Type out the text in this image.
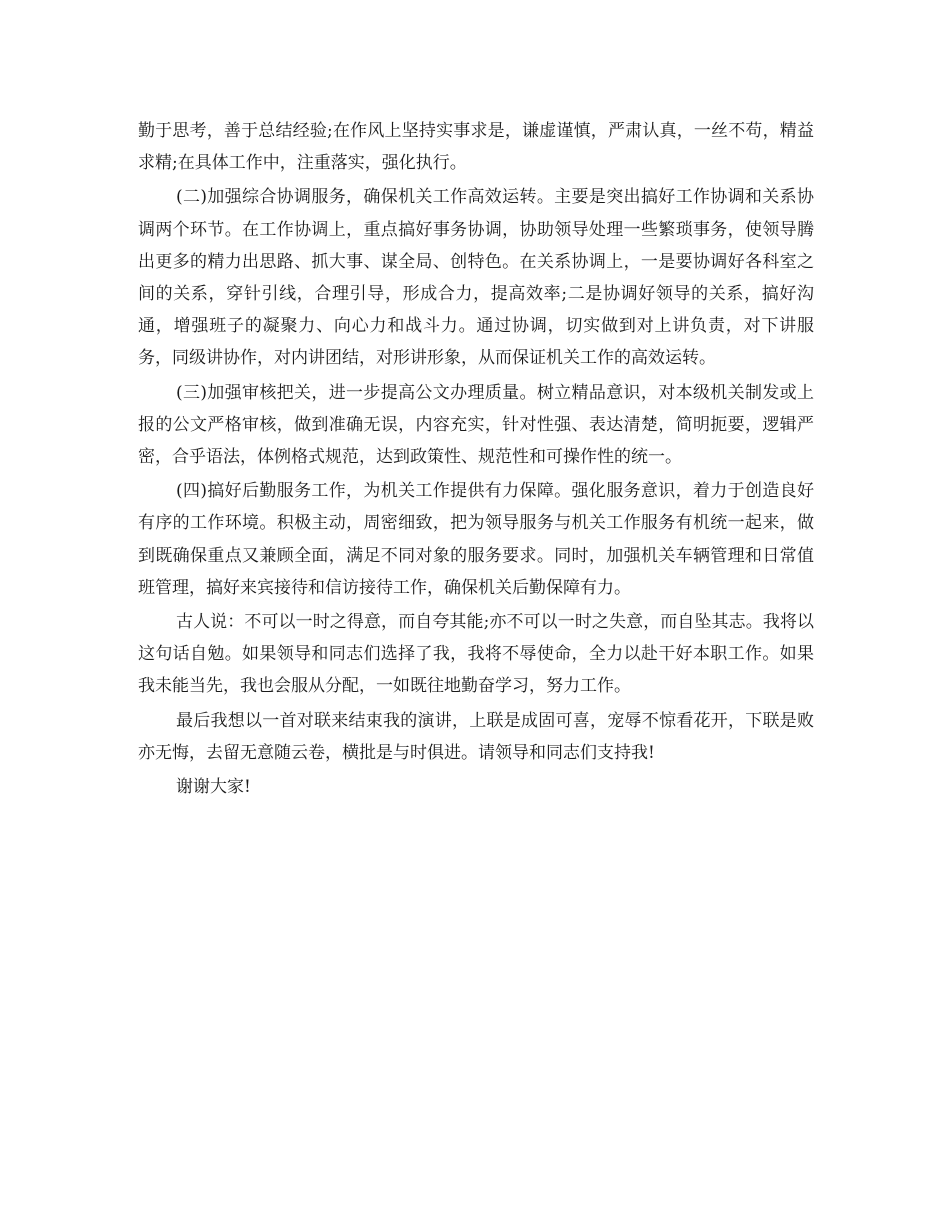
勤于思考，善于总结经验;在作风上坚持实事求是，谦虚谨慎，严肃认真，一丝不苟，精益求精;在具体工作中，注重落实，强化执行。

(二)加强综合协调服务，确保机关工作高效运转。主要是突出搞好工作协调和关系协调两个环节。在工作协调上，重点搞好事务协调，协助领导处理一些繁琐事务，使领导腾出更多的精力出思路、抓大事、谋全局、创特色。在关系协调上，一是要协调好各科室之间的关系，穿针引线，合理引导，形成合力，提高效率;二是协调好领导的关系，搞好沟通，增强班子的凝聚力、向心力和战斗力。通过协调，切实做到对上讲负责，对下讲服务，同级讲协作，对内讲团结，对形讲形象，从而保证机关工作的高效运转。

(三)加强审核把关，进一步提高公文办理质量。树立精品意识，对本级机关制发或上报的公文严格审核，做到准确无误，内容充实，针对性强、表达清楚，简明扼要，逻辑严密，合乎语法，体例格式规范，达到政策性、规范性和可操作性的统一。

(四)搞好后勤服务工作，为机关工作提供有力保障。强化服务意识，着力于创造良好有序的工作环境。积极主动，周密细致，把为领导服务与机关工作服务有机统一起来，做到既确保重点又兼顾全面，满足不同对象的服务要求。同时，加强机关车辆管理和日常值班管理，搞好来宾接待和信访接待工作，确保机关后勤保障有力。

古人说：不可以一时之得意，而自夸其能;亦不可以一时之失意，而自坠其志。我将以这句话自勉。如果领导和同志们选择了我，我将不辱使命，全力以赴干好本职工作。如果我未能当先，我也会服从分配，一如既往地勤奋学习，努力工作。

最后我想以一首对联来结束我的演讲，上联是成固可喜，宠辱不惊看花开，下联是败亦无悔，去留无意随云卷，横批是与时俱进。请领导和同志们支持我!

谢谢大家!
